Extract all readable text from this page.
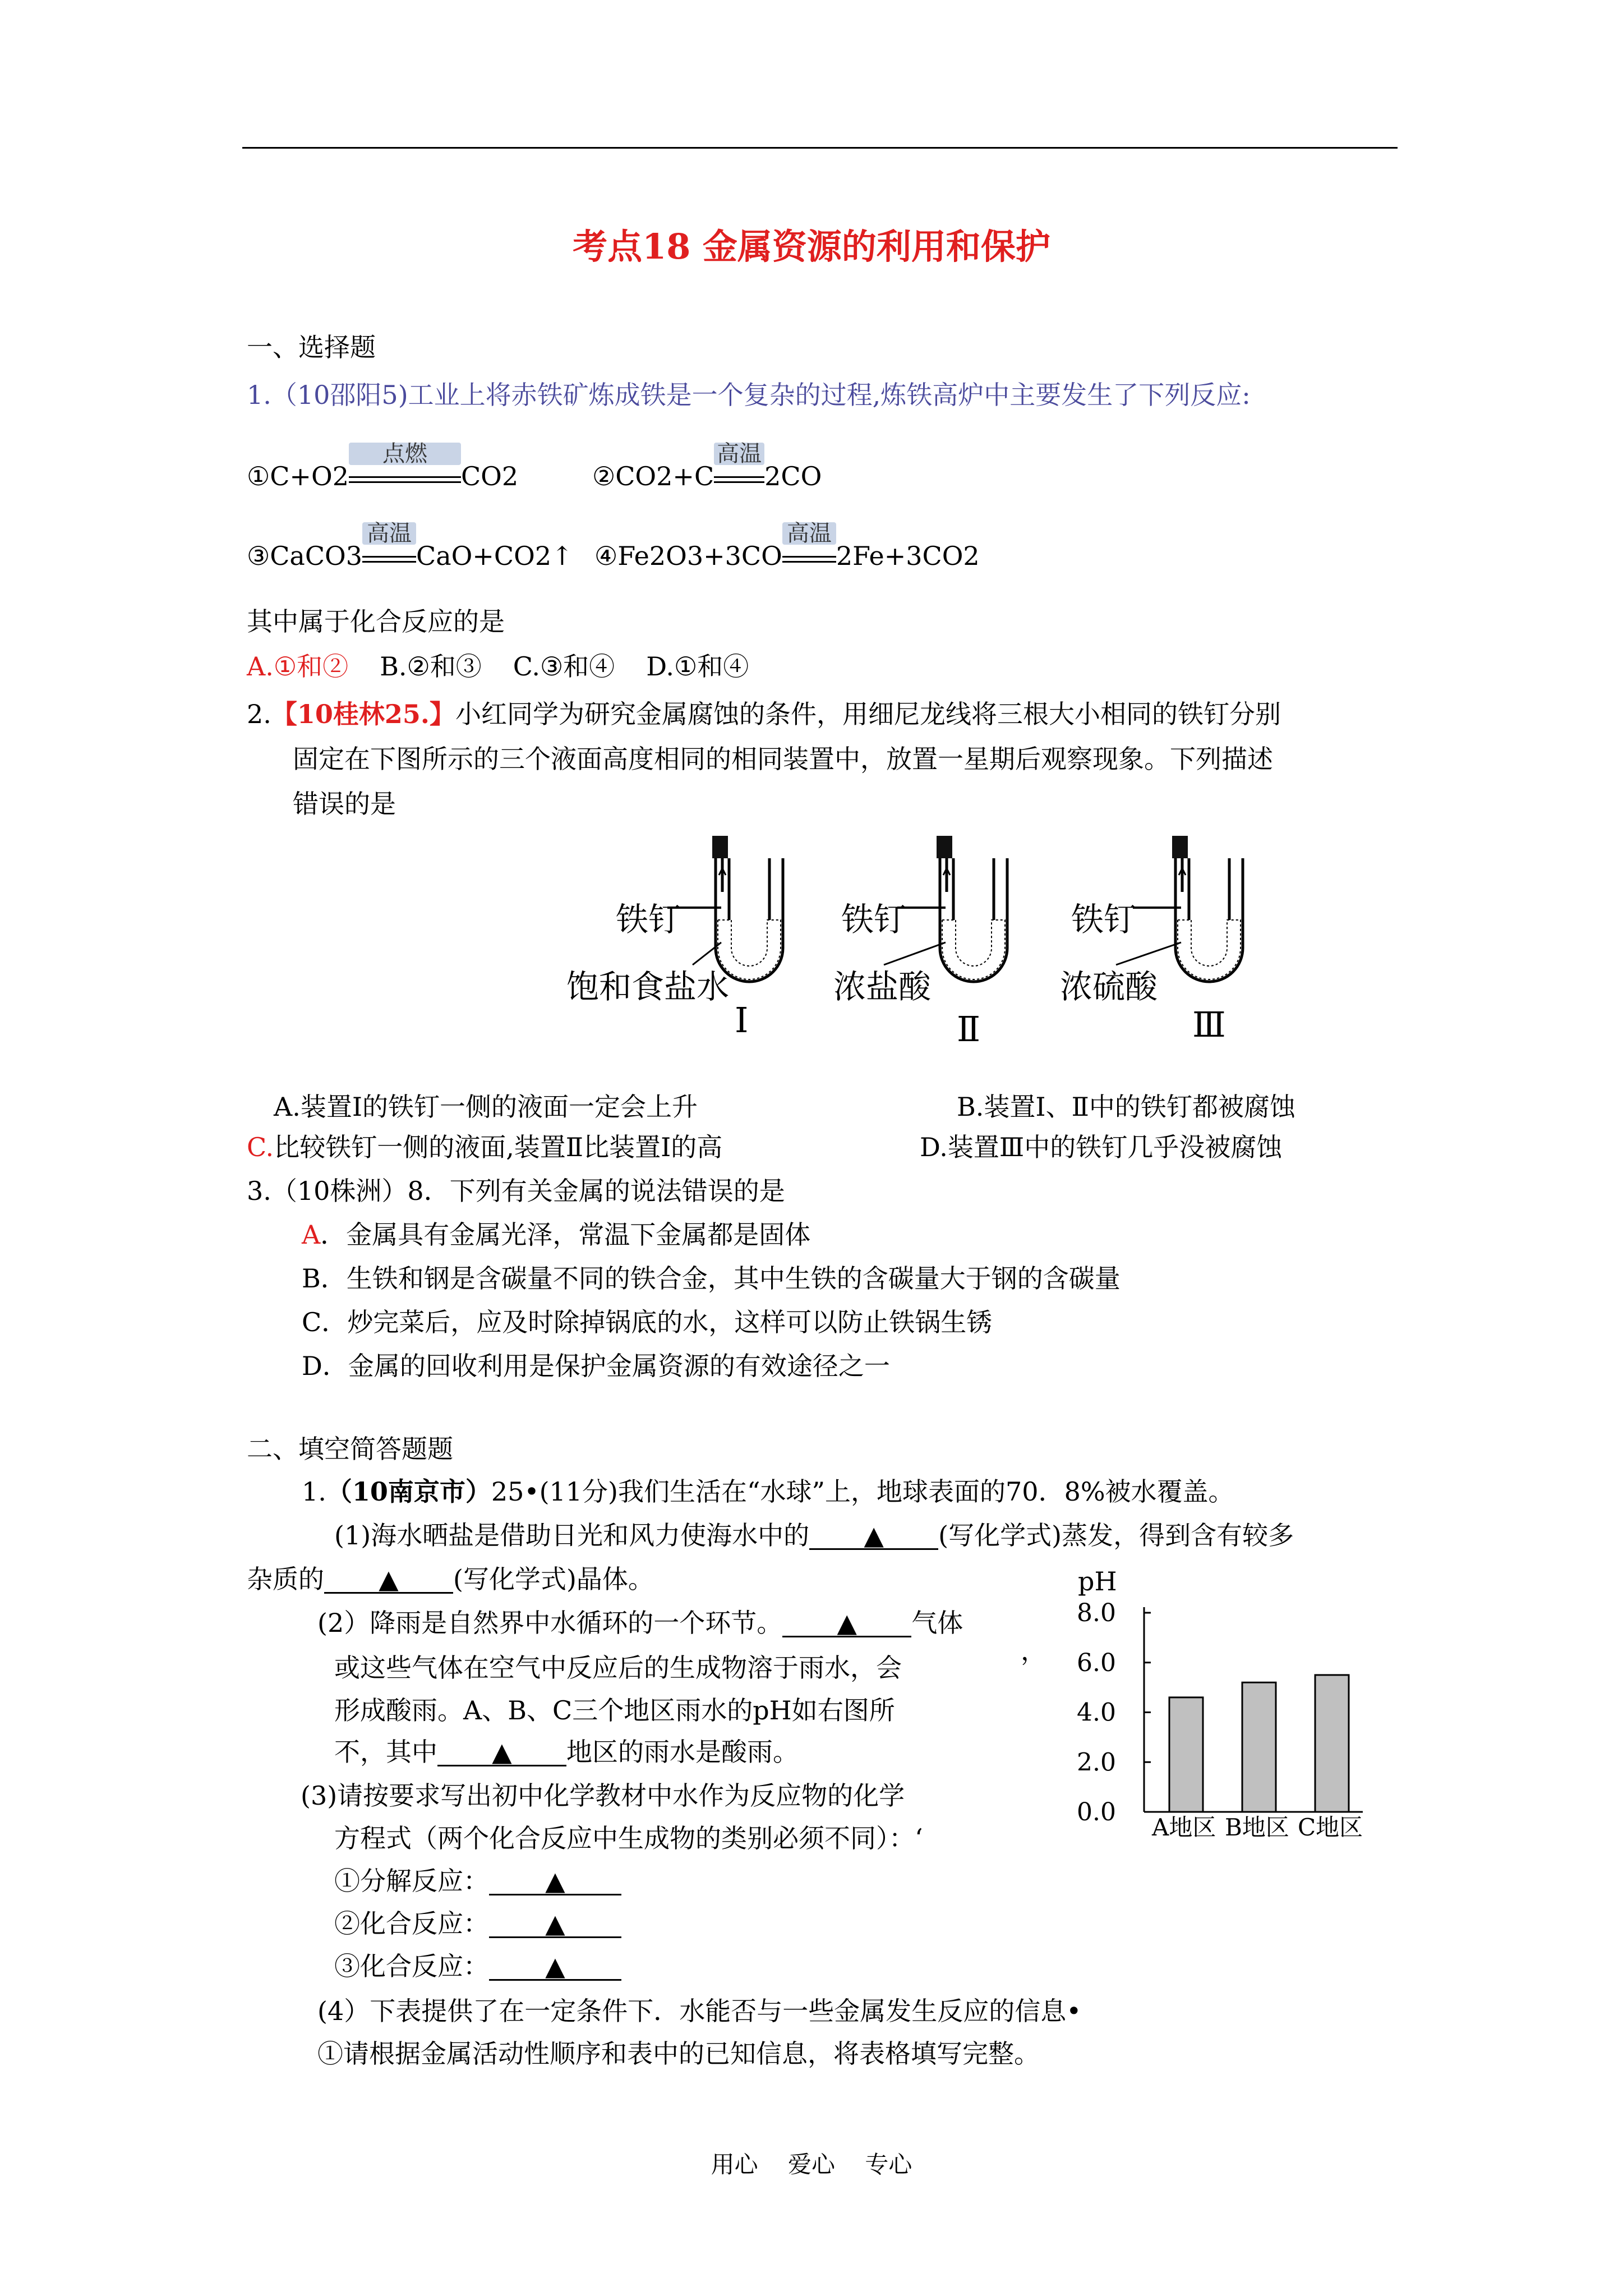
考点18 金属资源的利用和保护
一、选择题
1.（10邵阳5)工业上将赤铁矿炼成铁是一个复杂的过程,炼铁高炉中主要发生了下列反应:
①C+O2
点燃
CO2	②CO2+C
高温
2CO
③CaCO3
高温
CaO+CO2↑ ④Fe2O3+3CO
高温
2Fe+3CO2
其中属于化合反应的是
A.①和② B.②和③ C.③和④ D.①和④
2.【10桂林25.】小红同学为研究金属腐蚀的条件，用细尼龙线将三根大小相同的铁钉分别
固定在下图所示的三个液面高度相同的相同装置中，放置一星期后观察现象。下列描述
错误的是
铁钉	铁钉	铁钉
饱和食盐水	浓盐酸	浓硫酸
Ⅰ	Ⅱ	Ⅲ
A.装置Ⅰ的铁钉一侧的液面一定会上升	B.装置Ⅰ、Ⅱ中的铁钉都被腐蚀
C.比较铁钉一侧的液面,装置Ⅱ比装置Ⅰ的高	D.装置Ⅲ中的铁钉几乎没被腐蚀
3.（10株洲）8．下列有关金属的说法错误的是
A．金属具有金属光泽，常温下金属都是固体
B．生铁和钢是含碳量不同的铁合金，其中生铁的含碳量大于钢的含碳量
C．炒完菜后，应及时除掉锅底的水，这样可以防止铁锅生锈
D．金属的回收利用是保护金属资源的有效途径之一
二、填空简答题题
1.（10南京市）25•(11分)我们生活在“水球”上，地球表面的70．8%被水覆盖。
(1)海水晒盐是借助日光和风力使海水中的 ▲ (写化学式)蒸发，得到含有较多
杂质的 ▲ (写化学式)晶体。
(2）降雨是自然界中水循环的一个环节。 ▲ 气体
或这些气体在空气中反应后的生成物溶于雨水，会
，
形成酸雨。A、B、C三个地区雨水的pH如右图所
不，其中 ▲ 地区的雨水是酸雨。
(3)请按要求写出初中化学教材中水作为反应物的化学
方程式（两个化合反应中生成物的类别必须不同）：‘
①分解反应： ▲
②化合反应： ▲
③化合反应： ▲
(4）下表提供了在一定条件下．水能否与一些金属发生反应的信息•
①请根据金属活动性顺序和表中的已知信息，将表格填写完整。
pH
8.0
6.0
4.0
2.0
0.0
A地区 B地区 C地区
用心    爱心    专心
